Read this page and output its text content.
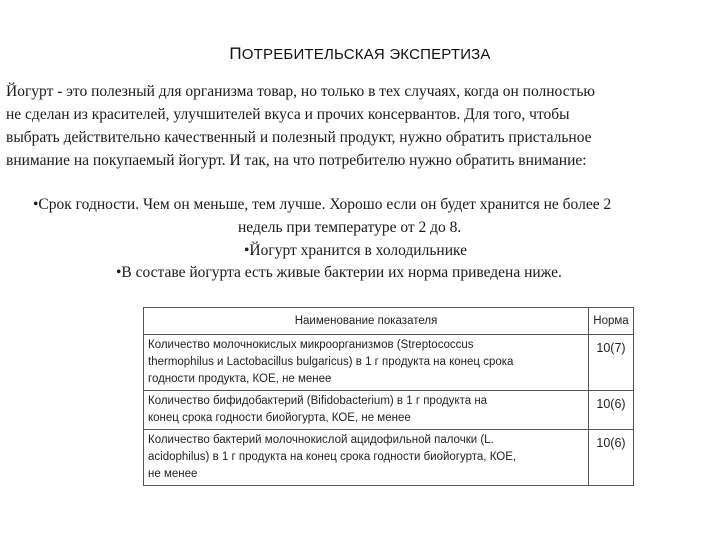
ПОТРЕБИТЕЛЬСКАЯ ЭКСПЕРТИЗА
Йогурт - это полезный для организма товар, но только в тех случаях, когда он полностью
не сделан из красителей, улучшителей вкуса и прочих консервантов. Для того, чтобы
выбрать действительно качественный и полезный продукт, нужно обратить пристальное
внимание на покупаемый йогурт. И так, на что потребителю нужно обратить внимание:
•Срок годности. Чем он меньше, тем лучше. Хорошо если он будет хранится не более 2
недель при температуре от 2 до 8.
•Йогурт хранится в холодильнике
•В составе йогурта есть живые бактерии их норма приведена ниже.
Наименование показателя	Норма

Количество молочнокислых микроорганизмов (Streptococcus
thermophilus и Lactobacillus bulgaricus) в 1 г продукта на конец срока
годности продукта, КОЕ, не менее	10(7)

Количество бифидобактерий (Bifidobacterium) в 1 г продукта на
конец срока годности биойогурта, КОЕ, не менее	10(6)

Количество бактерий молочнокислой ацидофильной палочки (L.
acidophilus) в 1 г продукта на конец срока годности биойогурта, КОЕ,
не менее	10(6)
